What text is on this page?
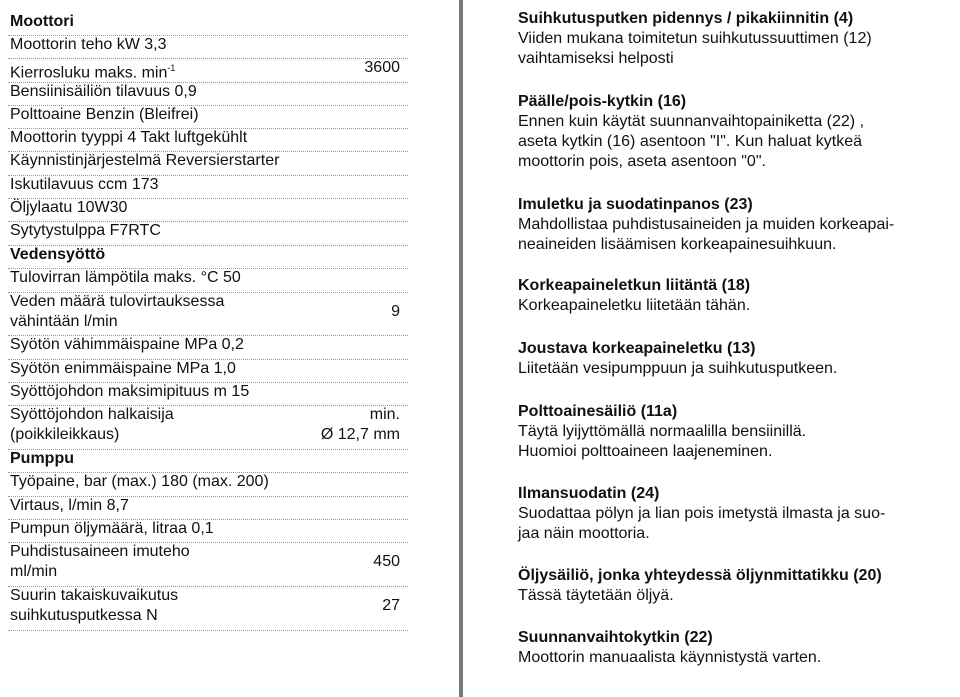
Moottori
Moottorin teho kW 3,3
Kierrosluku maks. $\min^{-1}$	3600
Bensiinisäiliön tilavuus 0,9
Polttoaine Benzin (Bleifrei)
Moottorin tyyppi 4 Takt luftgekühlt
Käynnistinjärjestelmä Reversierstarter
Iskutilavuus ccm 173
Öljylaatu 10W30
Sytytystulppa F7RTC
Vedensyöttö
Tulovirran lämpötila maks. °C 50
Veden määrä tulovirtauksessa
vähintään l/min
9
Syötön vähimmäispaine MPa 0,2
Syötön enimmäispaine MPa 1,0
Syöttöjohdon maksimipituus m 15
Syöttöjohdon halkaisija
(poikkileikkaus)
min.
Ø 12,7 mm
Pumppu
Työpaine, bar (max.) 180 (max. 200)
Virtaus, l/min 8,7
Pumpun öljymäärä, litraa 0,1
Puhdistusaineen imuteho
ml/min
450
Suurin takaiskuvaikutus
suihkutusputkessa N
27
Suihkutusputken pidennys / pikakiinnitin (4)
Viiden mukana toimitetun suihkutussuuttimen (12)
vaihtamiseksi helposti
Päälle/pois-kytkin (16)
Ennen kuin käytät suunnanvaihtopainiketta (22) ,
aseta kytkin (16) asentoon "I". Kun haluat kytkeä
moottorin pois, aseta asentoon "0".
Imuletku ja suodatinpanos (23)
Mahdollistaa puhdistusaineiden ja muiden korkeapai-
neaineiden lisäämisen korkeapainesuihkuun.
Korkeapaineletkun liitäntä (18)
Korkeapaineletku liitetään tähän.
Joustava korkeapaineletku (13)
Liitetään vesipumppuun ja suihkutusputkeen.
Polttoainesäiliö (11a)
Täytä lyijyttömällä normaalilla bensiinillä.
Huomioi polttoaineen laajeneminen.
Ilmansuodatin (24)
Suodattaa pölyn ja lian pois imetystä ilmasta ja suo-
jaa näin moottoria.
Öljysäiliö, jonka yhteydessä öljynmittatikku (20)
Tässä täytetään öljyä.
Suunnanvaihtokytkin (22)
Moottorin manuaalista käynnistystä varten.
